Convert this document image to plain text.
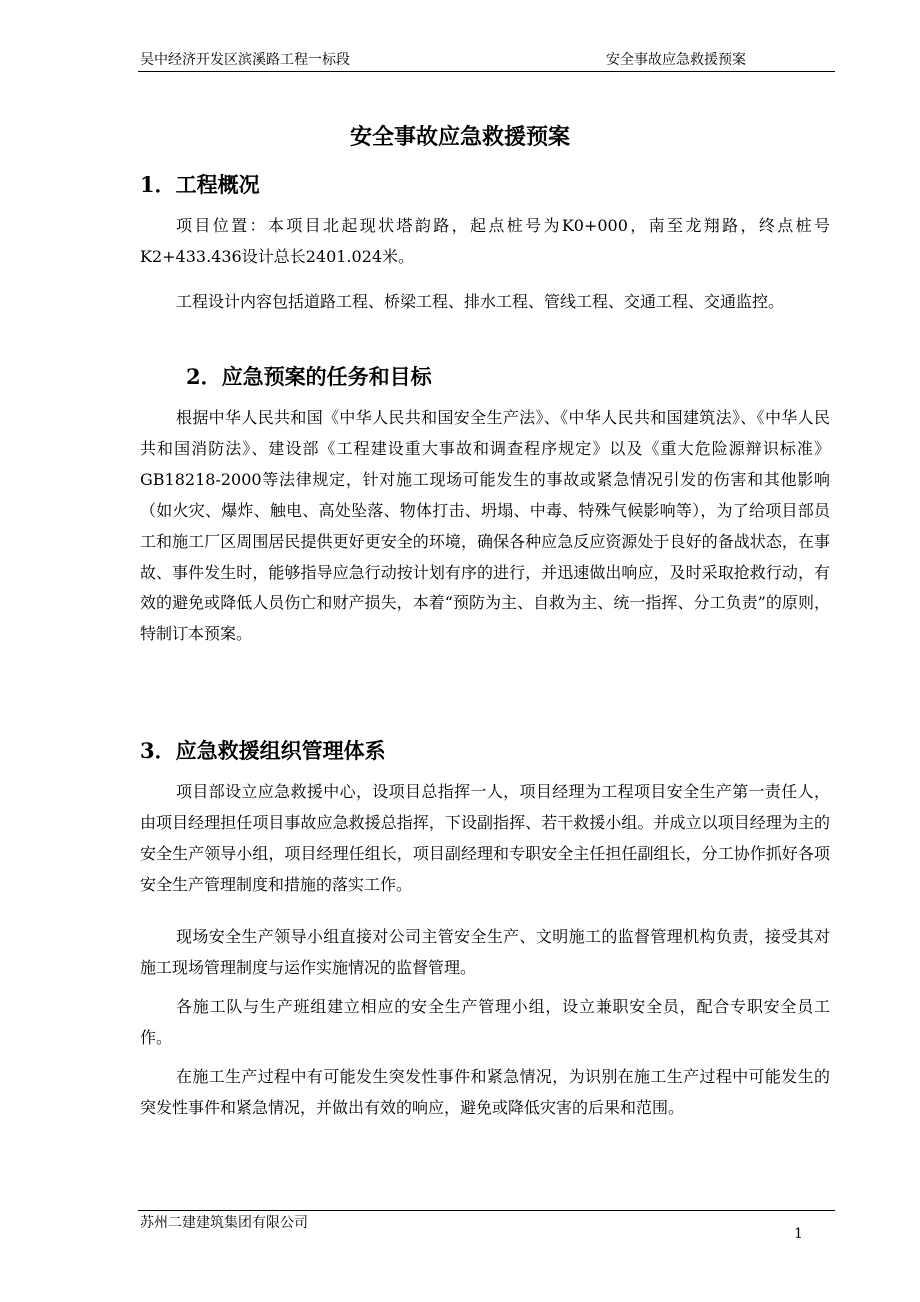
吴中经济开发区滨溪路工程一标段	安全事故应急救援预案
安全事故应急救援预案
1．工程概况
项目位置：本项目北起现状塔韵路，起点桩号为K0+000，南至龙翔路，终点桩号K2+433.436设计总长2401.024米。
工程设计内容包括道路工程、桥梁工程、排水工程、管线工程、交通工程、交通监控。
2．应急预案的任务和目标
根据中华人民共和国《中华人民共和国安全生产法》、《中华人民共和国建筑法》、《中华人民共和国消防法》、建设部《工程建设重大事故和调查程序规定》以及《重大危险源辩识标准》GB18218-2000等法律规定，针对施工现场可能发生的事故或紧急情况引发的伤害和其他影响（如火灾、爆炸、触电、高处坠落、物体打击、坍塌、中毒、特殊气候影响等），为了给项目部员工和施工厂区周围居民提供更好更安全的环境，确保各种应急反应资源处于良好的备战状态，在事故、事件发生时，能够指导应急行动按计划有序的进行，并迅速做出响应，及时采取抢救行动，有效的避免或降低人员伤亡和财产损失，本着“预防为主、自救为主、统一指挥、分工负责”的原则，特制订本预案。
3．应急救援组织管理体系
项目部设立应急救援中心，设项目总指挥一人，项目经理为工程项目安全生产第一责任人，由项目经理担任项目事故应急救援总指挥，下设副指挥、若干救援小组。并成立以项目经理为主的安全生产领导小组，项目经理任组长，项目副经理和专职安全主任担任副组长，分工协作抓好各项安全生产管理制度和措施的落实工作。
现场安全生产领导小组直接对公司主管安全生产、文明施工的监督管理机构负责，接受其对施工现场管理制度与运作实施情况的监督管理。
各施工队与生产班组建立相应的安全生产管理小组，设立兼职安全员，配合专职安全员工作。
在施工生产过程中有可能发生突发性事件和紧急情况，为识别在施工生产过程中可能发生的突发性事件和紧急情况，并做出有效的响应，避免或降低灾害的后果和范围。
苏州二建建筑集团有限公司
1
